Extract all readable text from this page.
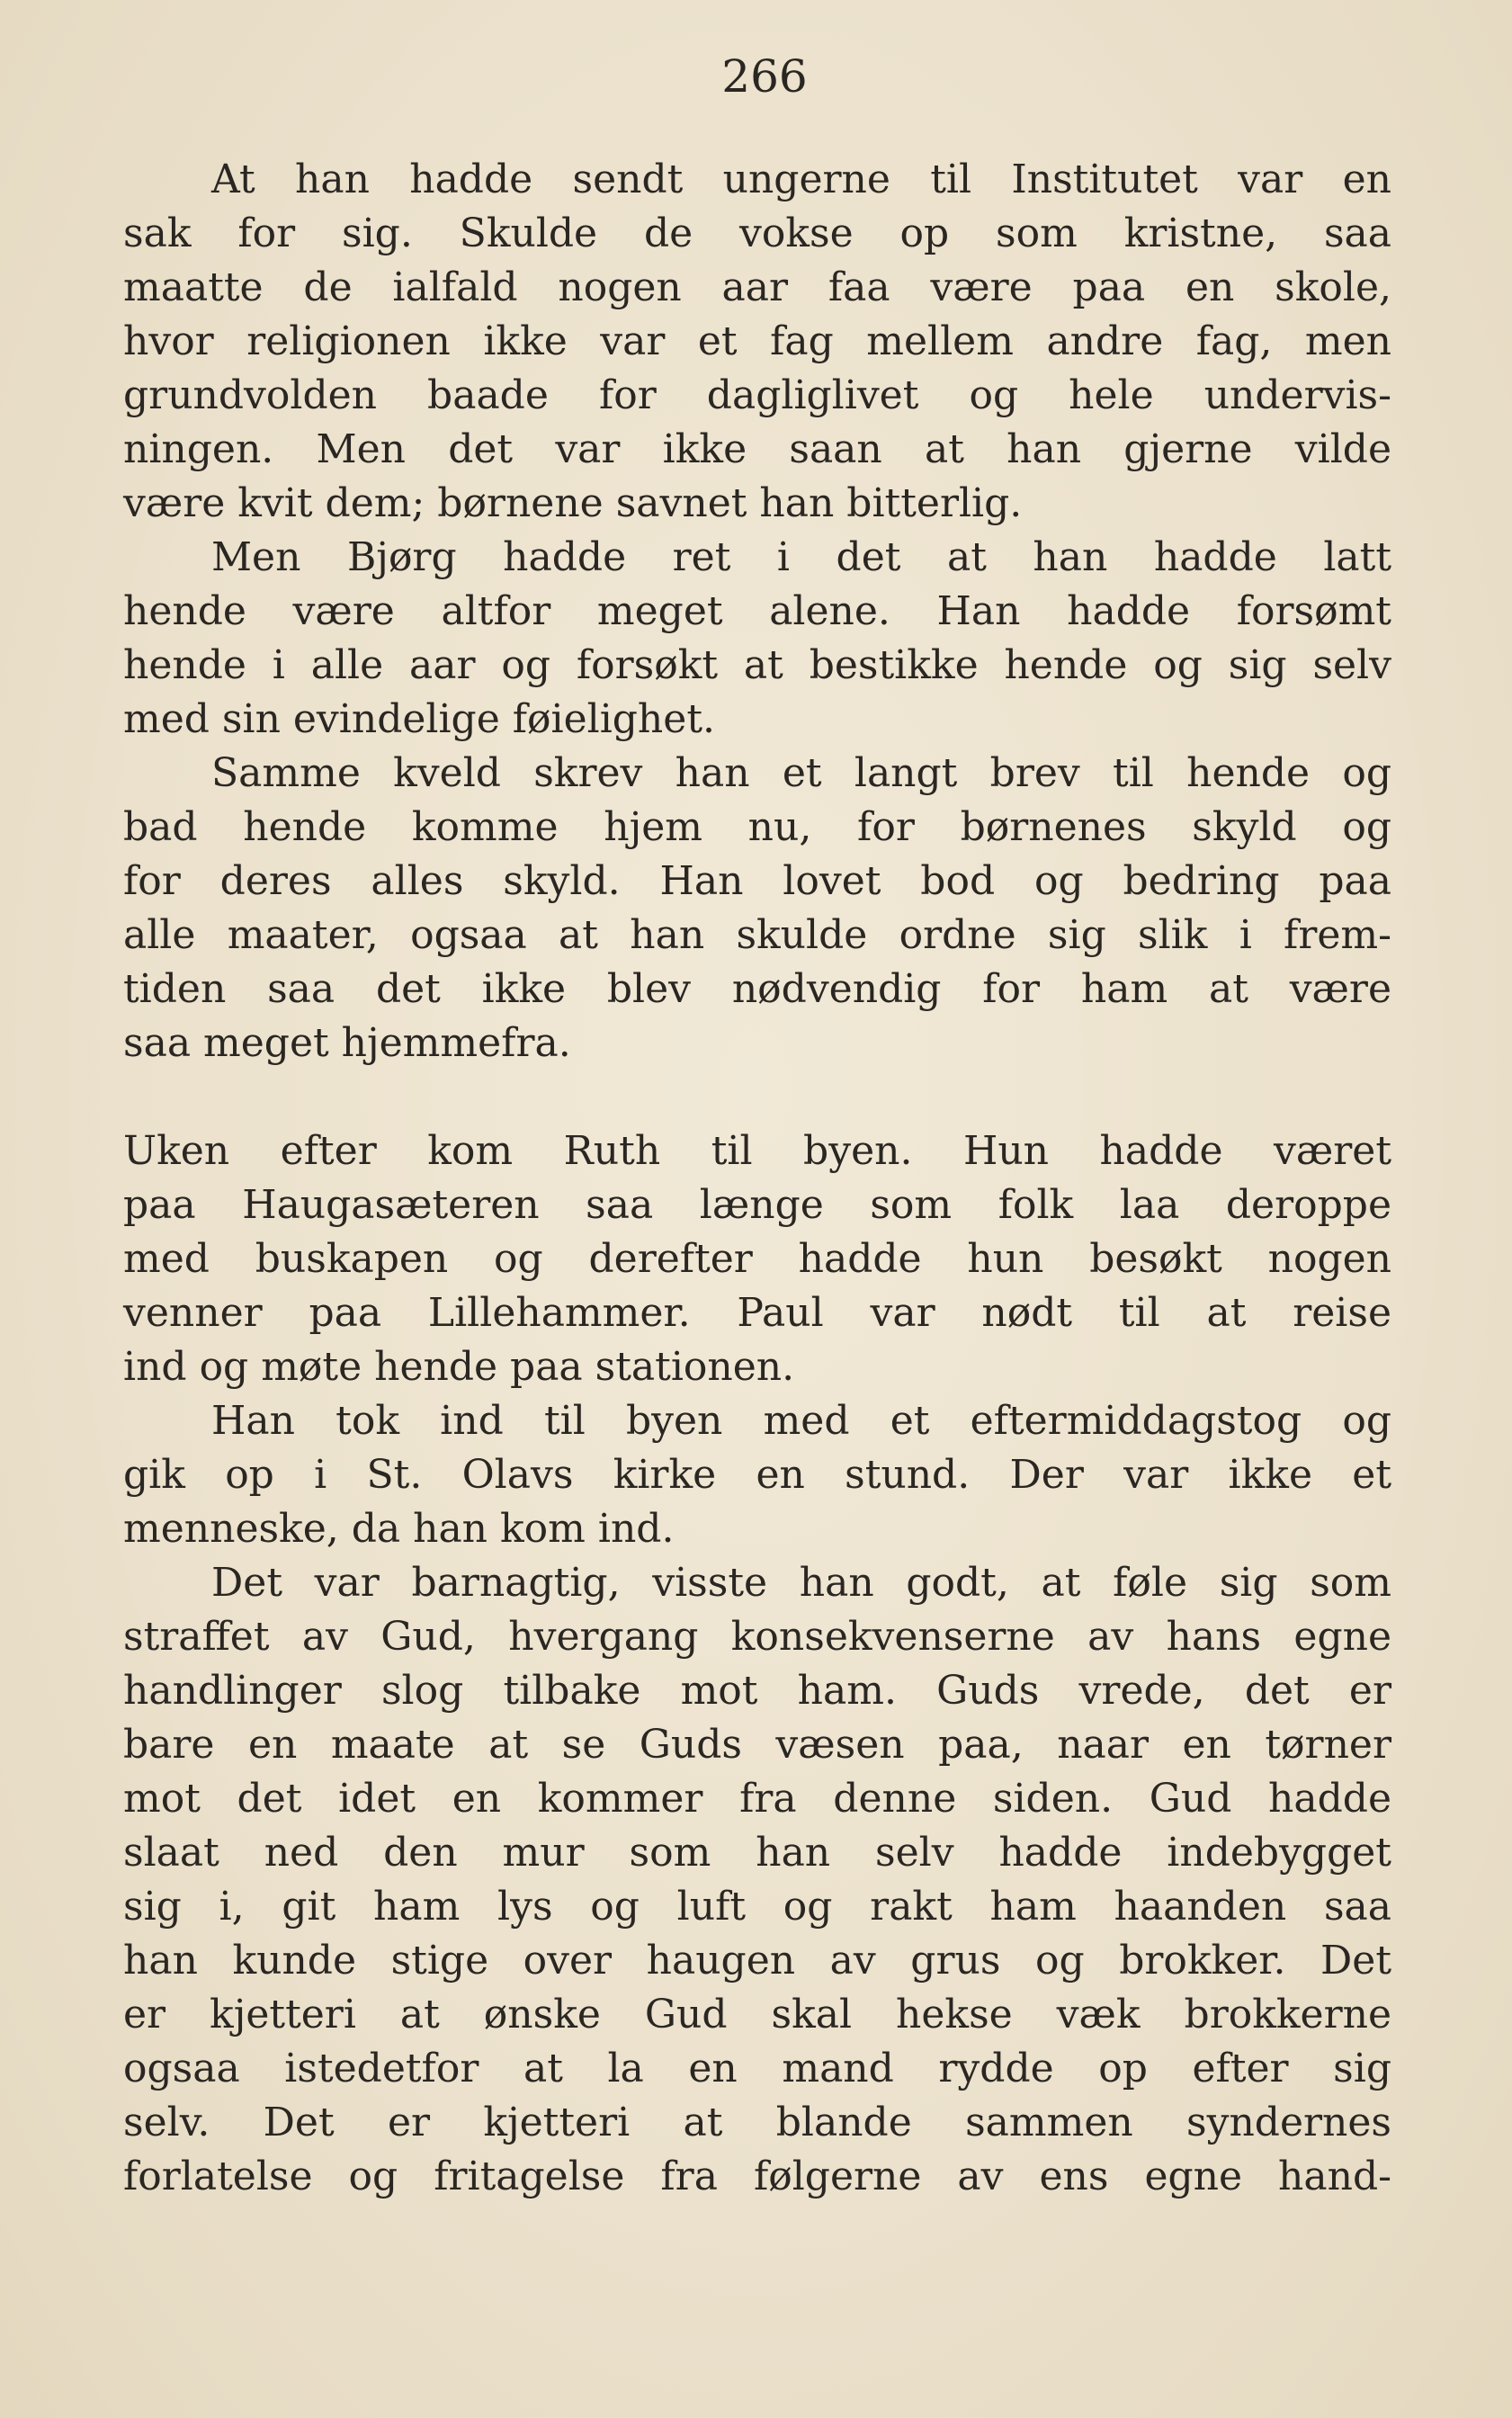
266
At han hadde sendt ungerne til Institutet var en
sak for sig. Skulde de vokse op som kristne, saa
maatte de ialfald nogen aar faa være paa en skole,
hvor religionen ikke var et fag mellem andre fag, men
grundvolden baade for dagliglivet og hele undervis-
ningen. Men det var ikke saan at han gjerne vilde
være kvit dem; børnene savnet han bitterlig.
Men Bjørg hadde ret i det at han hadde latt
hende være altfor meget alene. Han hadde forsømt
hende i alle aar og forsøkt at bestikke hende og sig selv
med sin evindelige føielighet.
Samme kveld skrev han et langt brev til hende og
bad hende komme hjem nu, for børnenes skyld og
for deres alles skyld. Han lovet bod og bedring paa
alle maater, ogsaa at han skulde ordne sig slik i frem-
tiden saa det ikke blev nødvendig for ham at være
saa meget hjemmefra.
Uken efter kom Ruth til byen. Hun hadde været
paa Haugasæteren saa længe som folk laa deroppe
med buskapen og derefter hadde hun besøkt nogen
venner paa Lillehammer. Paul var nødt til at reise
ind og møte hende paa stationen.
Han tok ind til byen med et eftermiddagstog og
gik op i St. Olavs kirke en stund. Der var ikke et
menneske, da han kom ind.
Det var barnagtig, visste han godt, at føle sig som
straffet av Gud, hvergang konsekvenserne av hans egne
handlinger slog tilbake mot ham. Guds vrede, det er
bare en maate at se Guds væsen paa, naar en tørner
mot det idet en kommer fra denne siden. Gud hadde
slaat ned den mur som han selv hadde indebygget
sig i, git ham lys og luft og rakt ham haanden saa
han kunde stige over haugen av grus og brokker. Det
er kjetteri at ønske Gud skal hekse væk brokkerne
ogsaa istedetfor at la en mand rydde op efter sig
selv. Det er kjetteri at blande sammen syndernes
forlatelse og fritagelse fra følgerne av ens egne hand-
